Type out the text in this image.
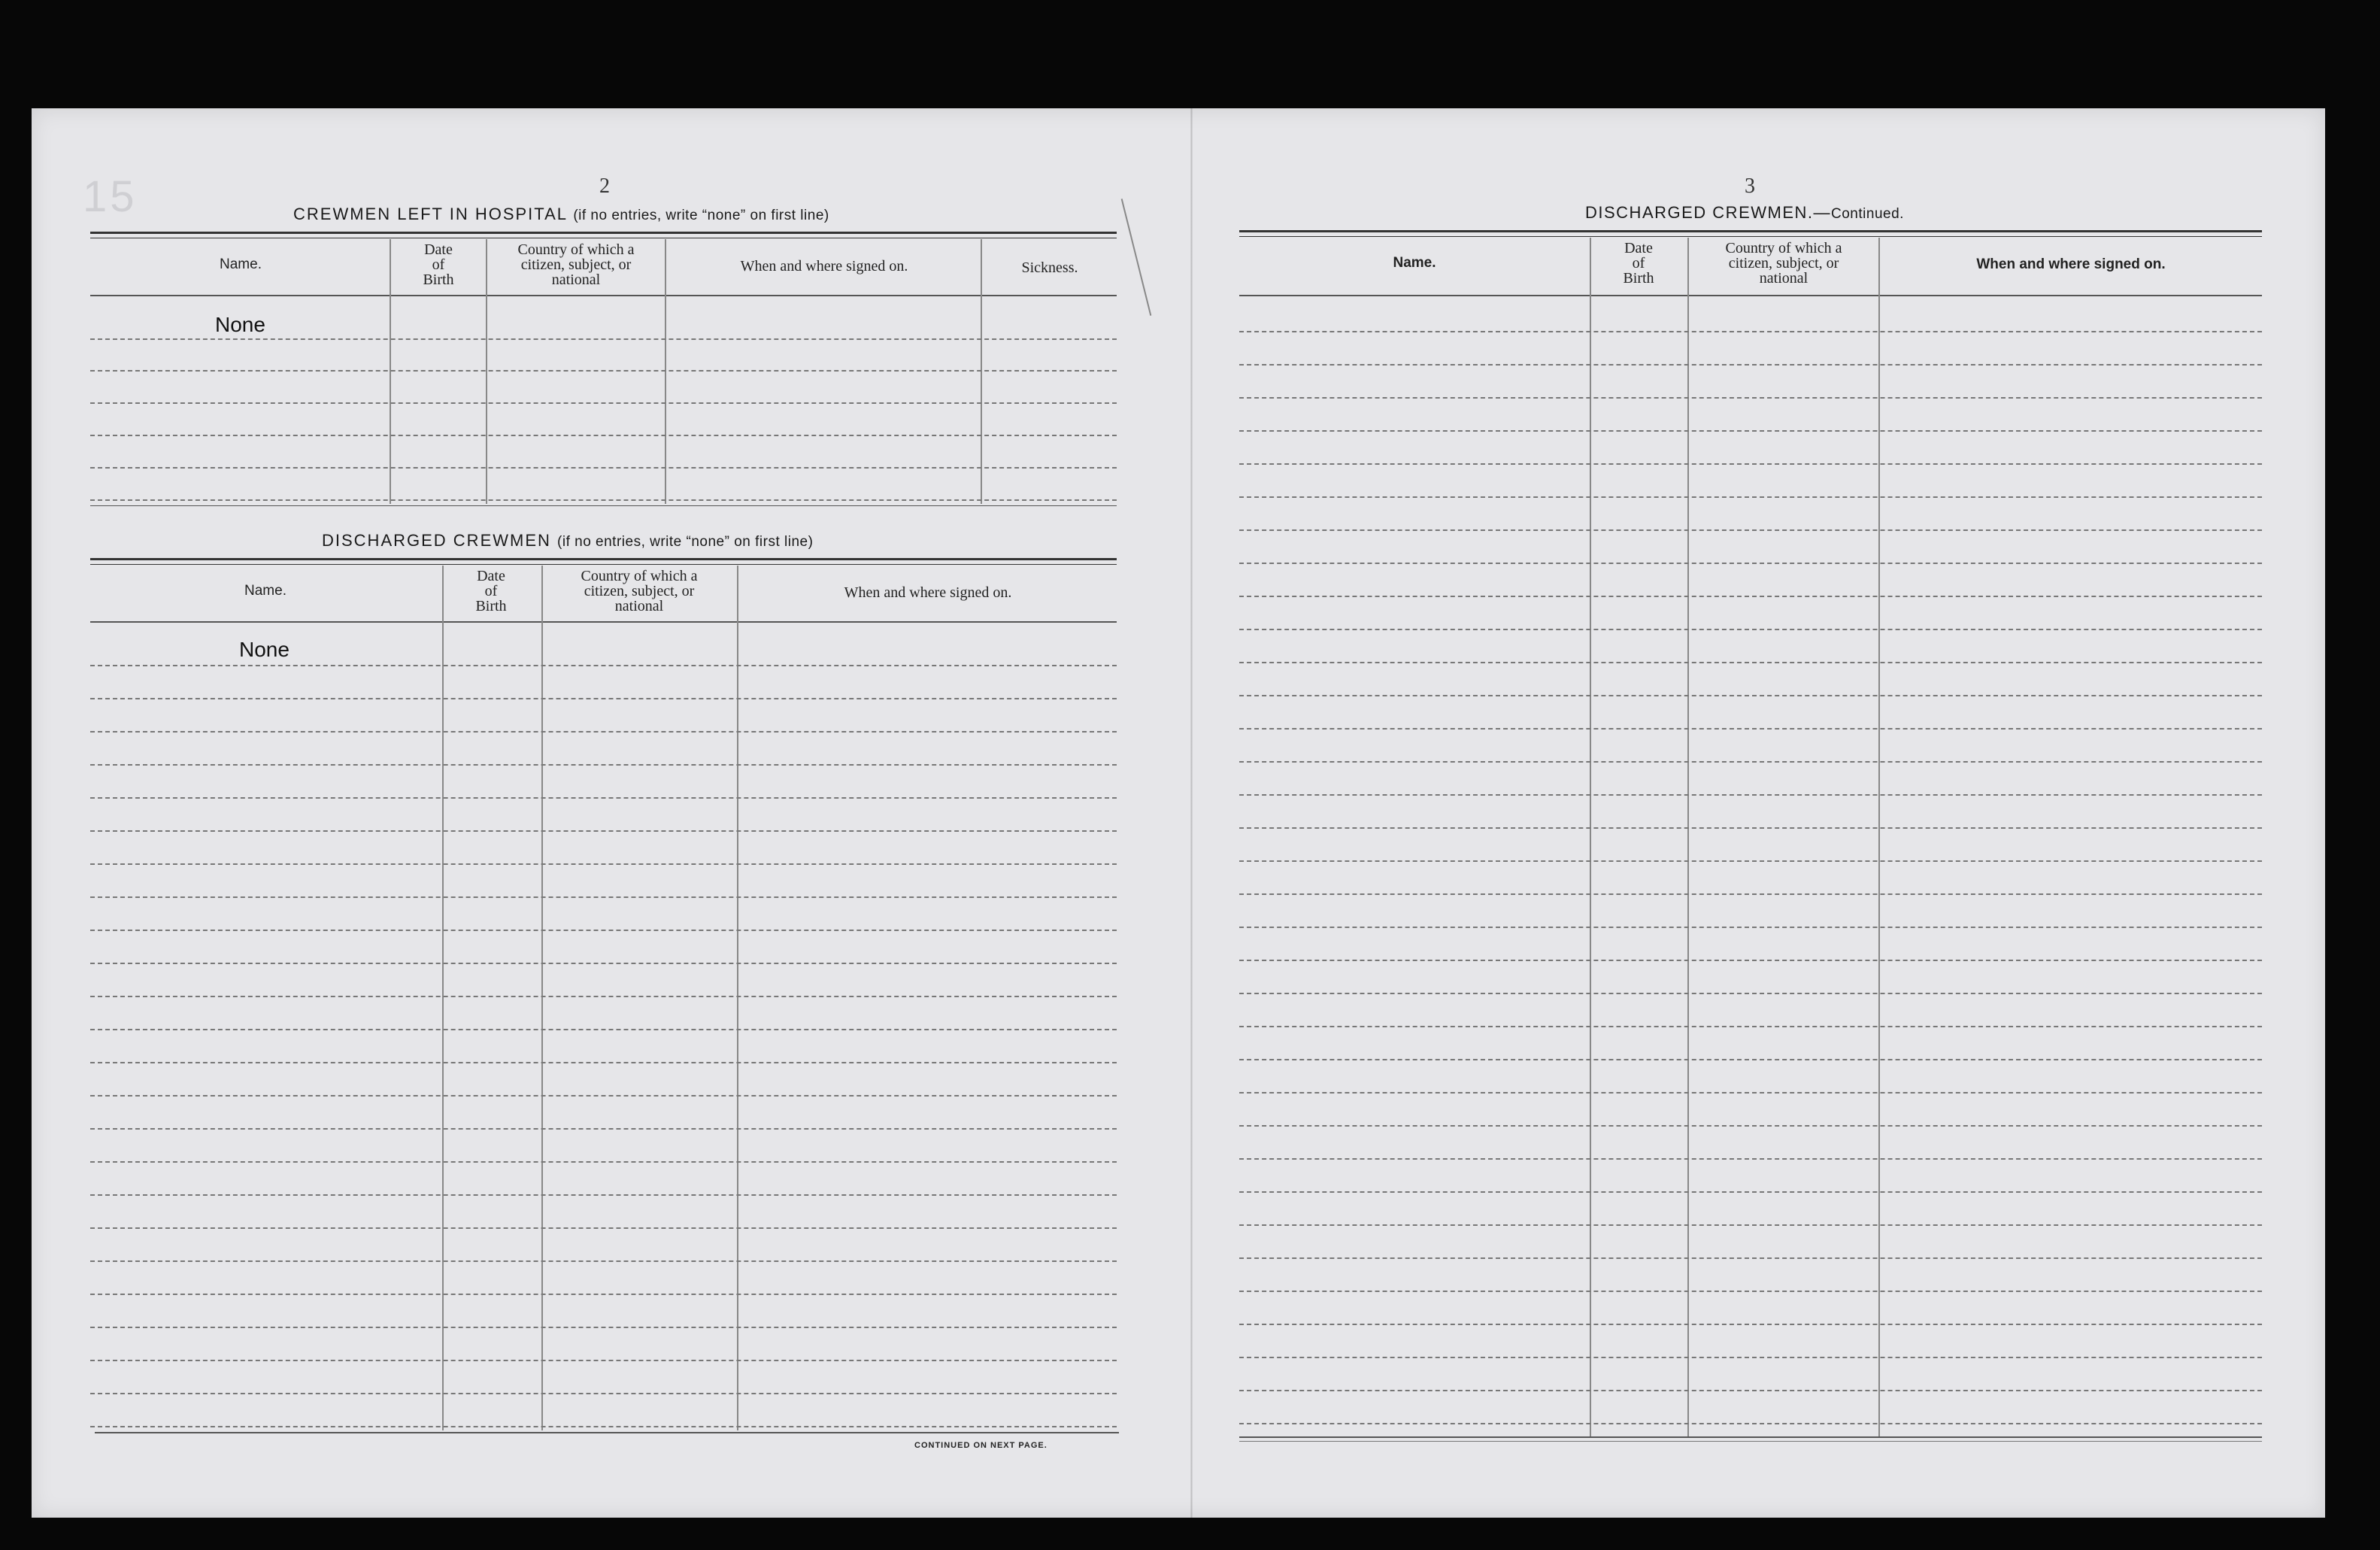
15	2
CREWMEN LEFT IN HOSPITAL (if no entries, write “none” on first line)
Name.
Date
of
Birth
Country of which a
citizen, subject, or
national
When and where signed on.	Sickness.
None
DISCHARGED CREWMEN (if no entries, write “none” on first line)
Name.
Date
of
Birth
Country of which a
citizen, subject, or
national
When and where signed on.
None
CONTINUED ON NEXT PAGE.
3
DISCHARGED CREWMEN.—Continued.
Name.
Date
of
Birth
Country of which a
citizen, subject, or
national
When and where signed on.
